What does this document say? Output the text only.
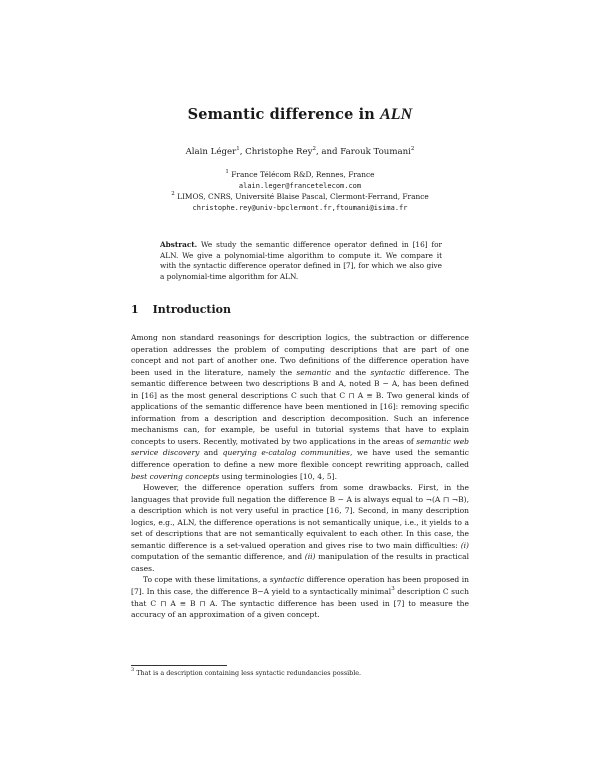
Semantic difference in ALN
Alain Léger$^1$, Christophe Rey$^2$, and Farouk Toumani$^2$
$^1$ France Télécom R&D, Rennes, France
alain.leger@francetelecom.com
$^2$ LIMOS, CNRS, Université Blaise Pascal, Clermont-Ferrand, France
christophe.rey@univ-bpclermont.fr,ftoumani@isima.fr
Abstract. We study the semantic difference operator defined in [16] for ALN. We give a polynomial-time algorithm to compute it. We compare it with the syntactic difference operator defined in [7], for which we also give a polynomial-time algorithm for ALN.
1 Introduction

Among non standard reasonings for description logics, the subtraction or difference operation addresses the problem of computing descriptions that are part of one concept and not part of another one. Two definitions of the difference operation have been used in the literature, namely the semantic and the syntactic difference. The semantic difference between two descriptions B and A, noted B − A, has been defined in [16] as the most general descriptions C such that C ⊓ A ≡ B. Two general kinds of applications of the semantic difference have been mentioned in [16]: removing specific information from a description and description decomposition. Such an inference mechanisms can, for example, be useful in tutorial systems that have to explain concepts to users. Recently, motivated by two applications in the areas of semantic web service discovery and querying e-catalog communities, we have used the semantic difference operation to define a new more flexible concept rewriting approach, called best covering concepts using terminologies [10, 4, 5].

However, the difference operation suffers from some drawbacks. First, in the languages that provide full negation the difference B − A is always equal to ¬(A ⊓ ¬B), a description which is not very useful in practice [16, 7]. Second, in many description logics, e.g., ALN, the difference operations is not semantically unique, i.e., it yields to a set of descriptions that are not semantically equivalent to each other. In this case, the semantic difference is a set-valued operation and gives rise to two main difficulties: (i) computation of the semantic difference, and (ii) manipulation of the results in practical cases.

To cope with these limitations, a syntactic difference operation has been proposed in [7]. In this case, the difference B−A yield to a syntactically minimal$^3$ description C such that C ⊓ A ≡ B ⊓ A. The syntactic difference has been used in [7] to measure the accuracy of an approximation of a given concept.

$^3$ That is a description containing less syntactic redundancies possible.
